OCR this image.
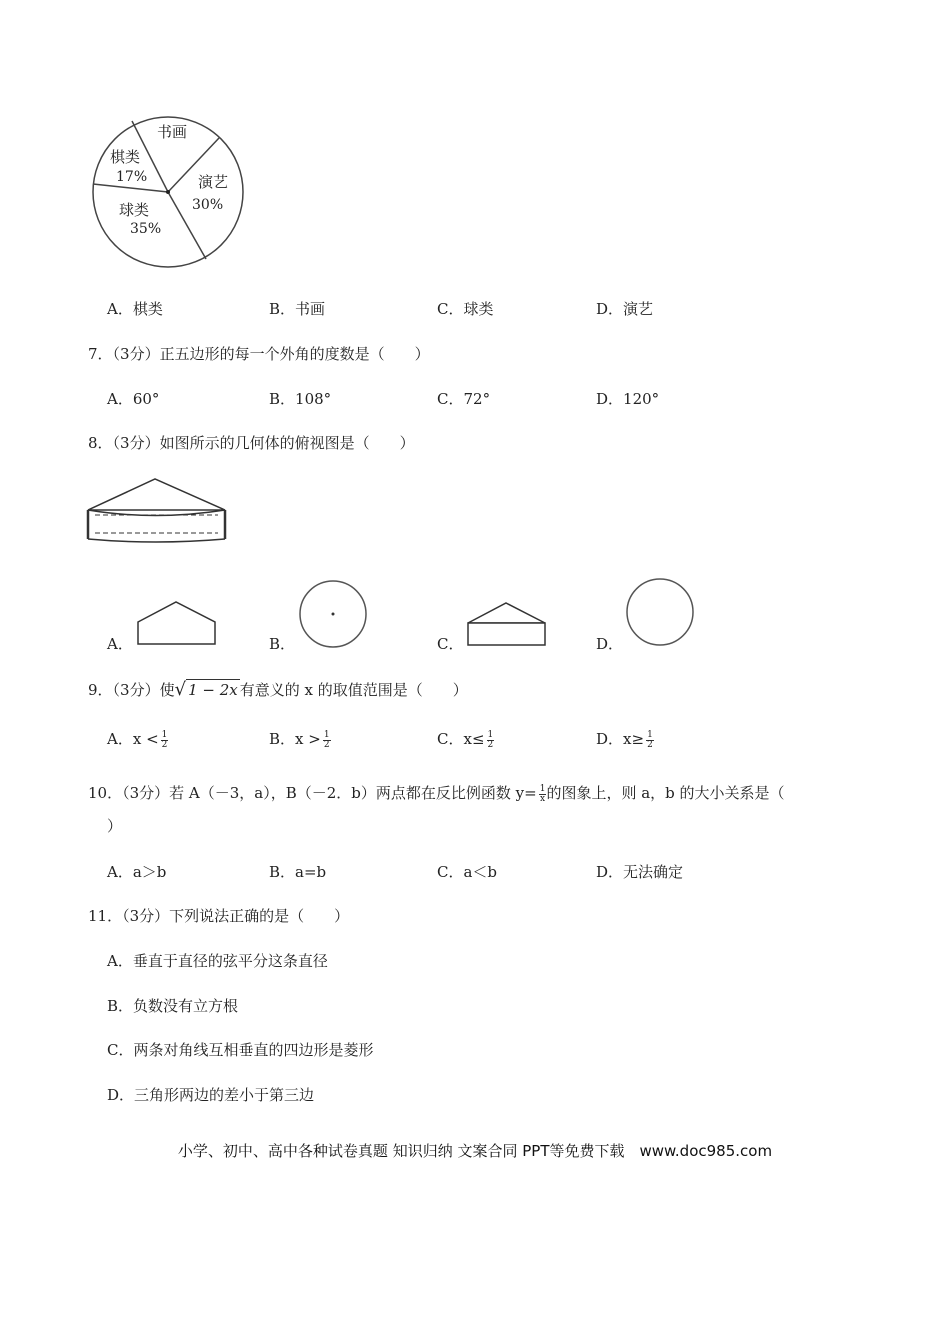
书画
棋类
17%	演艺
30%
球类
35%
A．棋类	B．书画	C．球类	D．演艺
7．（3分）正五边形的每一个外角的度数是（　　）
A．60°	B．108°	C．72°	D．120°
8．（3分）如图所示的几何体的俯视图是（　　）
A．	B．	C．	D．
9．（3分）使√ 1 − 2x 有意义的 x 的取值范围是（　　）
A．$x < \frac{1}{2}$	B．$x > \frac{1}{2}$	C．$x\le \frac{1}{2}$	D．$x\ge \frac{1}{2}$
10．（3分）若 A（－3，a），B（－2．b）两点都在反比例函数 $y= \frac{1}{x}$ 的图象上，则 a，b 的大小关系是（
）
A．a＞b	B．a=b	C．a＜b	D．无法确定
11．（3分）下列说法正确的是（　　）
A．垂直于直径的弦平分这条直径
B．负数没有立方根
C．两条对角线互相垂直的四边形是菱形
D．三角形两边的差小于第三边
小学、初中、高中各种试卷真题 知识归纳 文案合同 PPT等免费下载　www.doc985.com
